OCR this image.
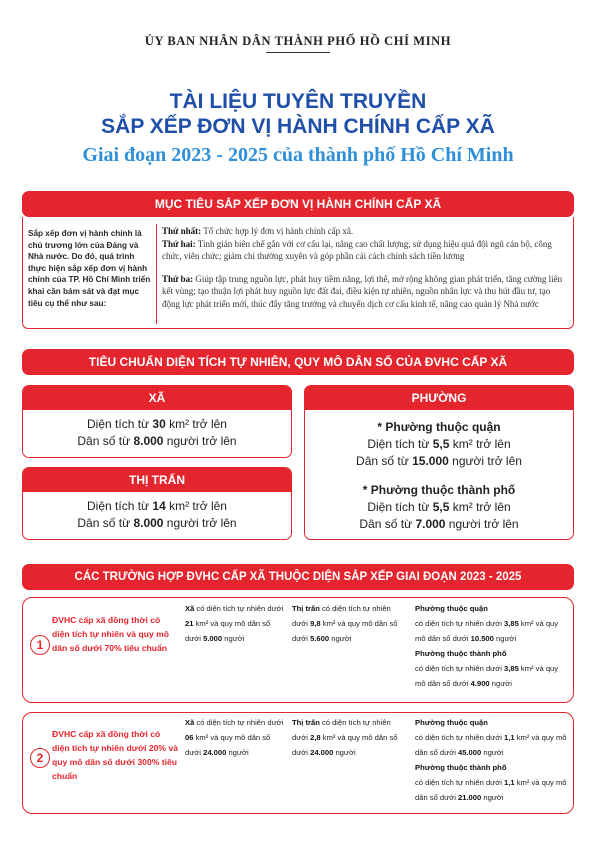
ỦY BAN NHÂN DÂN THÀNH PHỐ HỒ CHÍ MINH
TÀI LIỆU TUYÊN TRUYỀN
SẮP XẾP ĐƠN VỊ HÀNH CHÍNH CẤP XÃ
Giai đoạn 2023 - 2025 của thành phố Hồ Chí Minh
MỤC TIÊU SẮP XẾP ĐƠN VỊ HÀNH CHÍNH CẤP XÃ
Sắp xếp đơn vị hành chính là chủ trương lớn của Đảng và Nhà nước. Do đó, quá trình thực hiện sắp xếp đơn vị hành chính của TP. Hồ Chí Minh triển khai cần bám sát và đạt mục tiêu cụ thể như sau:
Thứ nhất: Tổ chức hợp lý đơn vị hành chính cấp xã.
Thứ hai: Tinh giản biên chế gắn với cơ cấu lại, nâng cao chất lượng, sử dụng hiệu quả đội ngũ cán bộ, công chức, viên chức; giảm chi thường xuyên và góp phần cải cách chính sách tiền lương
Thứ ba: Giúp tập trung nguồn lực, phát huy tiềm năng, lợi thế, mở rộng không gian phát triển, tăng cường liên kết vùng; tạo thuận lợi phát huy nguồn lực đất đai, điều kiện tự nhiên, nguồn nhân lực và thu hút đầu tư, tạo động lực phát triển mới, thúc đẩy tăng trưởng và chuyển dịch cơ cấu kinh tế, nâng cao quản lý Nhà nước
TIÊU CHUẨN DIỆN TÍCH TỰ NHIÊN, QUY MÔ DÂN SỐ CỦA ĐVHC CẤP XÃ
XÃ
Diện tích từ 30 km² trở lên
Dân số từ 8.000 người trở lên
THỊ TRẤN
Diện tích từ 14 km² trở lên
Dân số từ 8.000 người trở lên
PHƯỜNG
* Phường thuộc quận
Diện tích từ 5,5 km² trở lên
Dân số từ 15.000 người trở lên
* Phường thuộc thành phố
Diện tích từ 5,5 km² trở lên
Dân số từ 7.000 người trở lên
CÁC TRƯỜNG HỢP ĐVHC CẤP XÃ THUỘC DIỆN SẮP XẾP GIAI ĐOẠN 2023 - 2025
1
ĐVHC cấp xã đồng thời có diện tích tự nhiên và quy mô dân số dưới 70% tiêu chuẩn
Xã có diện tích tự nhiên dưới 21 km² và quy mô dân số dưới 5.000 người
Thị trấn có diện tích tự nhiên dưới 9,8 km² và quy mô dân số dưới 5.600 người
Phường thuộc quận
có diện tích tự nhiên dưới 3,85 km² và quy mô dân số dưới 10.500 người
Phường thuộc thành phố
có diện tích tự nhiên dưới 3,85 km² và quy mô dân số dưới 4.900 người
2
ĐVHC cấp xã đồng thời có diện tích tự nhiên dưới 20% và quy mô dân số dưới 300% tiêu chuẩn
Xã có diện tích tự nhiên dưới 06 km² và quy mô dân số dưới 24.000 người
Thị trấn có diện tích tự nhiên dưới 2,8 km² và quy mô dân số dưới 24.000 người
Phường thuộc quận
có diện tích tự nhiên dưới 1,1 km² và quy mô dân số dưới 45.000 người
Phường thuộc thành phố
có diện tích tự nhiên dưới 1,1 km² và quy mô dân số dưới 21.000 người
